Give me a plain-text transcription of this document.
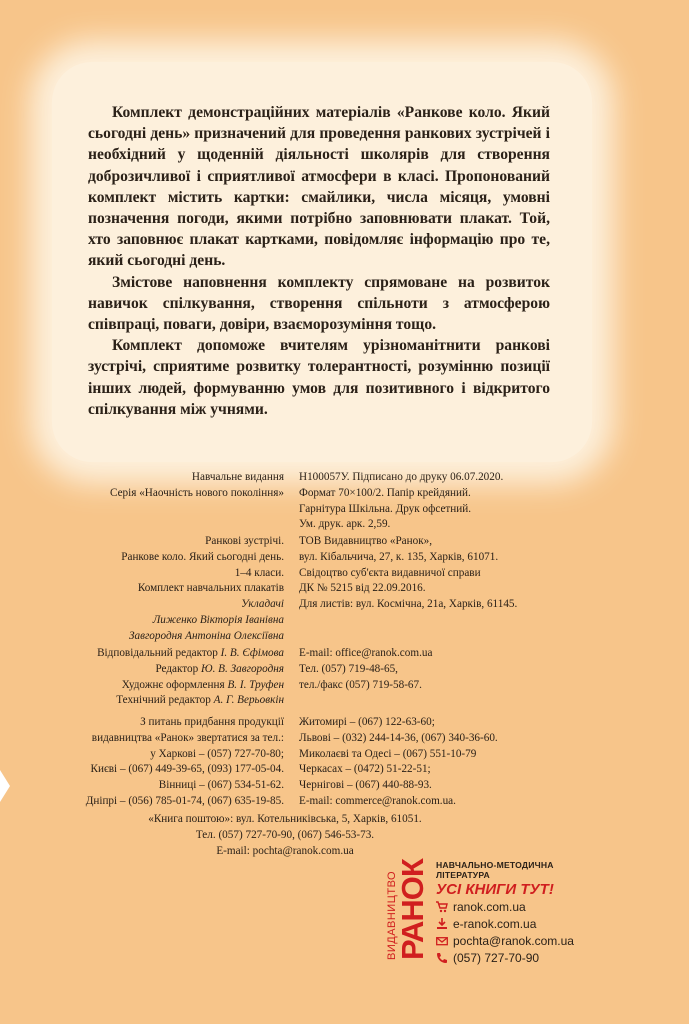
Комплект демонстраційних матеріалів «Ранкове коло. Який сьогодні день» призначений для проведення ранкових зустрічей і необхідний у щоденній діяльності школярів для створення доброзичливої і сприятливої атмосфери в класі. Пропонований комплект містить картки: смайлики, числа місяця, умовні позначення погоди, якими потрібно заповнювати плакат. Той, хто заповнює плакат картками, повідомляє інформацію про те, який сьогодні день.

Змістове наповнення комплекту спрямоване на розвиток навичок спілкування, створення спільноти з атмосферою співпраці, поваги, довіри, взаєморозуміння тощо.

Комплект допоможе вчителям урізноманітнити ранкові зустрічі, сприятиме розвитку толерантності, розумінню позиції інших людей, формуванню умов для позитивного і відкритого спілкування між учнями.

Навчальне видання
Серія «Наочність нового покоління»
Н100057У. Підписано до друку 06.07.2020.
Формат 70×100/2. Папір крейдяний.
Гарнітура Шкільна. Друк офсетний.
Ум. друк. арк. 2,59.
Ранкові зустрічі.
Ранкове коло. Який сьогодні день.
1–4 класи.
Комплект навчальних плакатів
Укладачі
Лиженко Вікторія Іванівна
Завгородня Антоніна Олексіївна
ТОВ Видавництво «Ранок»,
вул. Кібальчича, 27, к. 135, Харків, 61071.
Свідоцтво суб'єкта видавничої справи
ДК № 5215 від 22.09.2016.
Для листів: вул. Космічна, 21а, Харків, 61145.
Відповідальний редактор І. В. Єфімова
Редактор Ю. В. Завгородня
Художнє оформлення В. І. Труфен
Технічний редактор А. Г. Верьовкін
E-mail: office@ranok.com.ua
Тел. (057) 719-48-65,
тел./факс (057) 719-58-67.
З питань придбання продукції
видавництва «Ранок» звертатися за тел.:
у Харкові – (057) 727-70-80;
Києві – (067) 449-39-65, (093) 177-05-04.
Вінниці – (067) 534-51-62.
Дніпрі – (056) 785-01-74, (067) 635-19-85.
Житомирі – (067) 122-63-60;
Львові – (032) 244-14-36, (067) 340-36-60.
Миколаєві та Одесі – (067) 551-10-79
Черкасах – (0472) 51-22-51;
Чернігові – (067) 440-88-93.
E-mail: commerce@ranok.com.ua.
«Книга поштою»: вул. Котельниківська, 5, Харків, 61051.
Тел. (057) 727-70-90, (067) 546-53-73.
E-mail: pochta@ranok.com.ua
ВИДАВНИЦТВО
РАНОК НАВЧАЛЬНО-МЕТОДИЧНА ЛІТЕРАТУРА
УСІ КНИГИ ТУТ!
ranok.com.ua
e-ranok.com.ua
pochta@ranok.com.ua
(057) 727-70-90
